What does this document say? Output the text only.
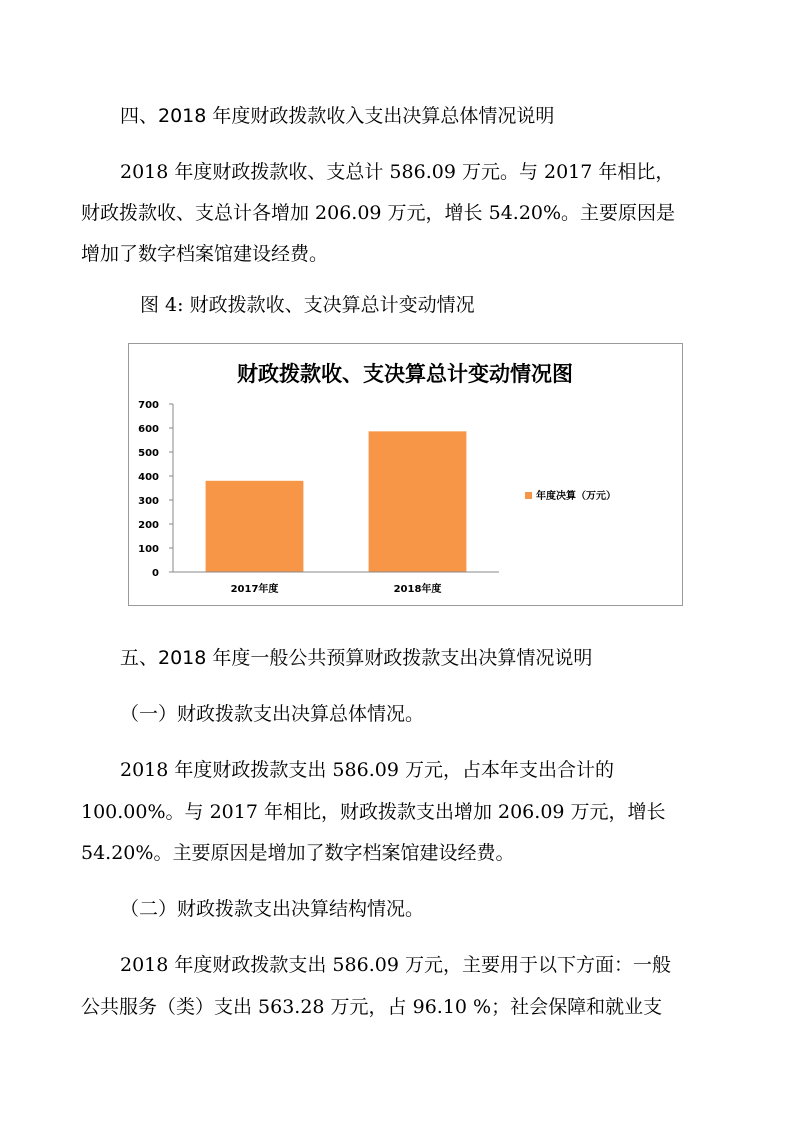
四、2018 年度财政拨款收入支出决算总体情况说明
2018 年度财政拨款收、支总计 586.09 万元。与 2017 年相比，
财政拨款收、支总计各增加 206.09 万元，增长 54.20%。主要原因是
增加了数字档案馆建设经费。
图 4: 财政拨款收、支决算总计变动情况
财政拨款收、支决算总计变动情况图
0
100
200
300
400
500
600
700
2017年度	2018年度
年度决算（万元）
五、2018 年度一般公共预算财政拨款支出决算情况说明
（一）财政拨款支出决算总体情况。
2018 年度财政拨款支出 586.09 万元，占本年支出合计的
100.00%。与 2017 年相比，财政拨款支出增加 206.09 万元，增长
54.20%。主要原因是增加了数字档案馆建设经费。
（二）财政拨款支出决算结构情况。
2018 年度财政拨款支出 586.09 万元，主要用于以下方面：一般
公共服务（类）支出 563.28 万元，占 96.10 %；社会保障和就业支
